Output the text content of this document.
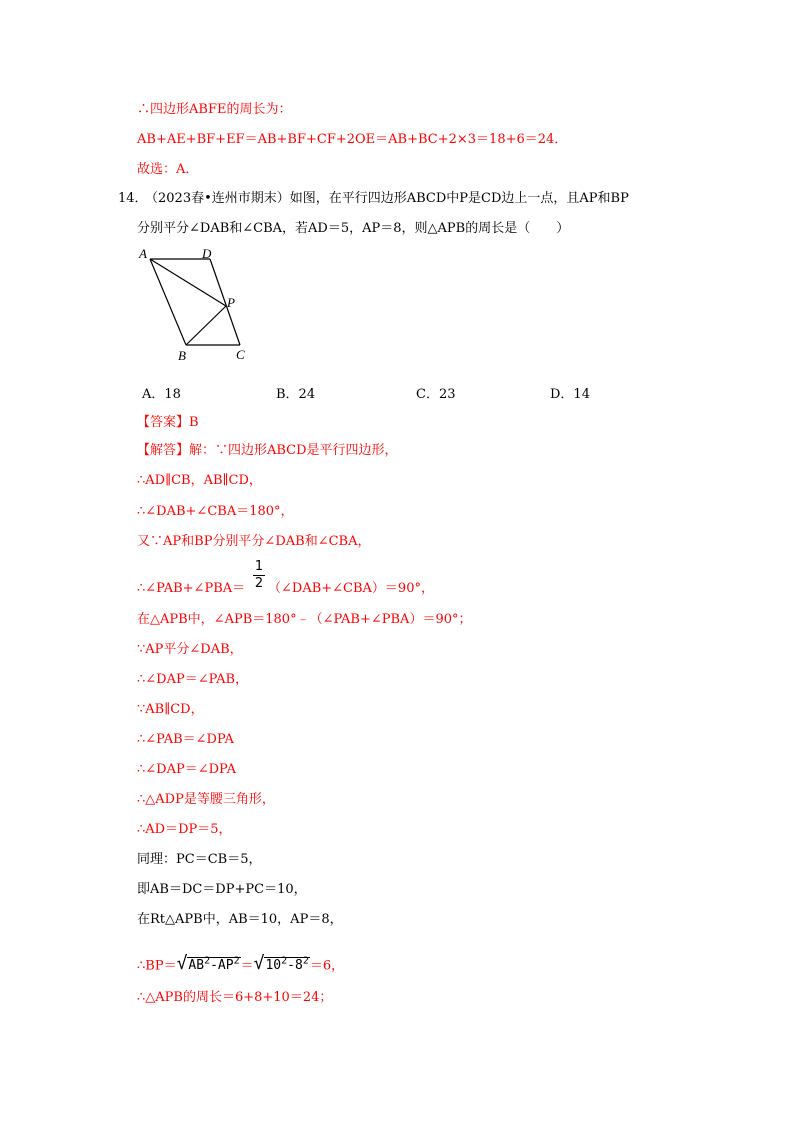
∴四边形ABFE的周长为：
AB+AE+BF+EF＝AB+BF+CF+2OE＝AB+BC+2×3＝18+6＝24．
故选：A．
14．
（2023春•连州市期末）如图，在平行四边形ABCD中P是CD边上一点，且AP和BP
分别平分∠DAB和∠CBA，若AD＝5，AP＝8，则△APB的周长是（　　）
A	D
P
B	C
A．18	B．24	C．23	D．14
【答案】B
【解答】解：∵四边形ABCD是平行四边形，
∴AD∥CB，AB∥CD，
∴∠DAB+∠CBA＝180°，
又∵AP和BP分别平分∠DAB和∠CBA，
∴∠PAB+∠PBA＝
1
2 （∠DAB+∠CBA）＝90°，
在△APB中，∠APB＝180°﹣（∠PAB+∠PBA）＝90°；
∵AP平分∠DAB，
∴∠DAP＝∠PAB，
∵AB∥CD，
∴∠PAB＝∠DPA
∴∠DAP＝∠DPA
∴△ADP是等腰三角形，
∴AD＝DP＝5，
同理：PC＝CB＝5，
即AB＝DC＝DP+PC＝10，
在Rt△APB中，AB＝10，AP＝8，
$\therefore BP=√AB^2-AP^2=√10^2-8^2=6$，
∴△APB的周长＝6+8+10＝24；
